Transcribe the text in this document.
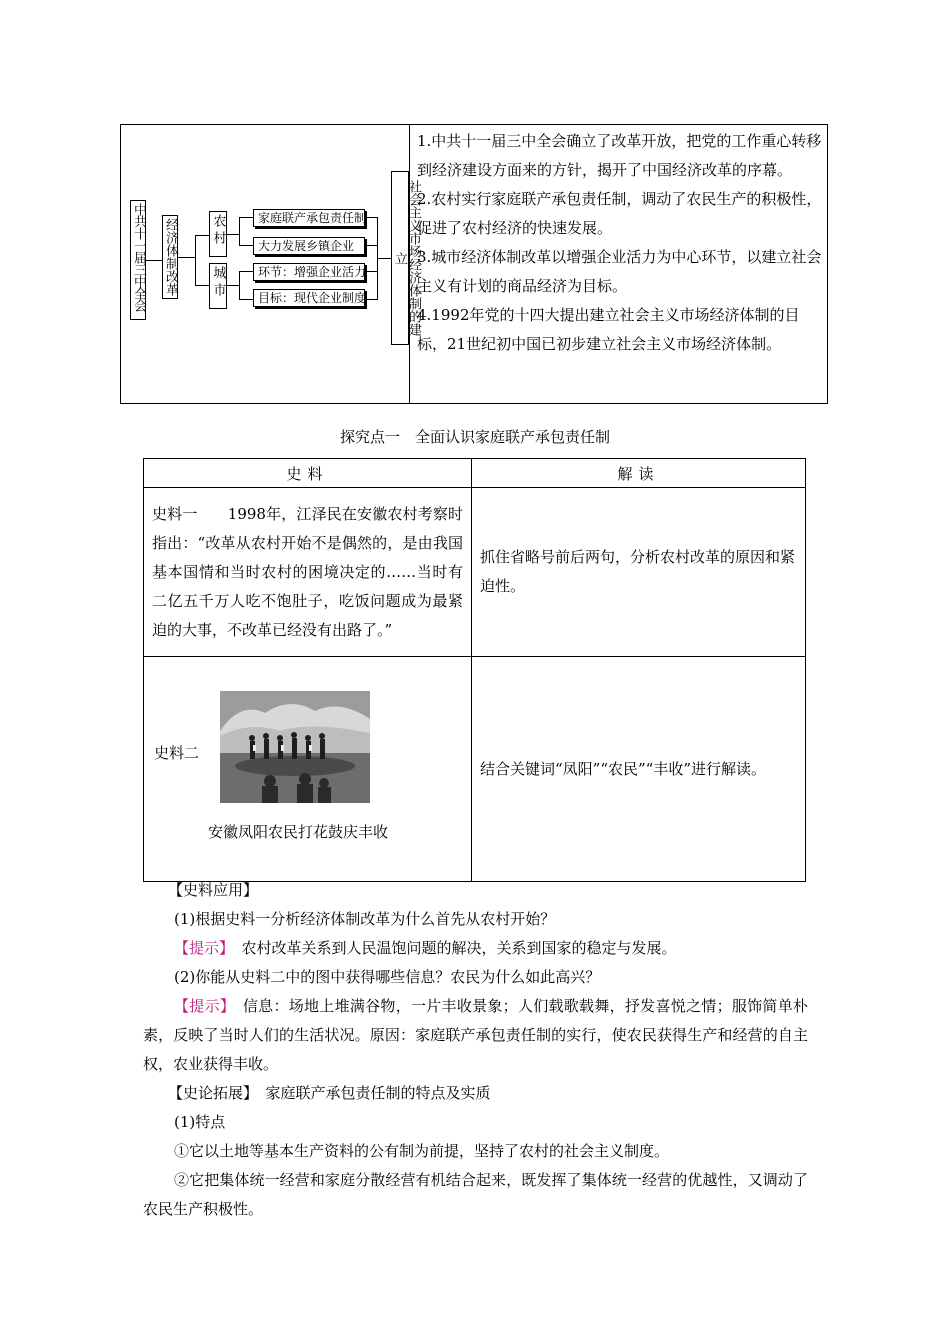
中共十一届三中全会 经济体制改革	农村
城市
家庭联产承包责任制
大力发展乡镇企业
环节：增强企业活力
目标：现代企业制度	社会主义市场经济体制的建立

1.中共十一届三中全会确立了改革开放，把党的工作重心转移到经济建设方面来的方针，揭开了中国经济改革的序幕。

2.农村实行家庭联产承包责任制，调动了农民生产的积极性，促进了农村经济的快速发展。

3.城市经济体制改革以增强企业活力为中心环节，以建立社会主义有计划的商品经济为目标。

4.1992年党的十四大提出建立社会主义市场经济体制的目标，21世纪初中国已初步建立社会主义市场经济体制。

探究点一　全面认识家庭联产承包责任制
史料	解读

史料一　　1998年，江泽民在安徽农村考察时指出：“改革从农村开始不是偶然的，是由我国基本国情和当时农村的困境决定的……当时有二亿五千万人吃不饱肚子，吃饭问题成为最紧迫的大事，不改革已经没有出路了。”	抓住省略号前后两句，分析农村改革的原因和紧迫性。

史料二
安徽凤阳农民打花鼓庆丰收	结合关键词“凤阳”“农民”“丰收”进行解读。
【史料应用】
(1)根据史料一分析经济体制改革为什么首先从农村开始？
【提示】　农村改革关系到人民温饱问题的解决，关系到国家的稳定与发展。
(2)你能从史料二中的图中获得哪些信息？农民为什么如此高兴？
【提示】　信息：场地上堆满谷物，一片丰收景象；人们载歌载舞，抒发喜悦之情；服饰简单朴素，反映了当时人们的生活状况。原因：家庭联产承包责任制的实行，使农民获得生产和经营的自主权，农业获得丰收。
【史论拓展】　家庭联产承包责任制的特点及实质
(1)特点
①它以土地等基本生产资料的公有制为前提，坚持了农村的社会主义制度。
②它把集体统一经营和家庭分散经营有机结合起来，既发挥了集体统一经营的优越性，又调动了农民生产积极性。
